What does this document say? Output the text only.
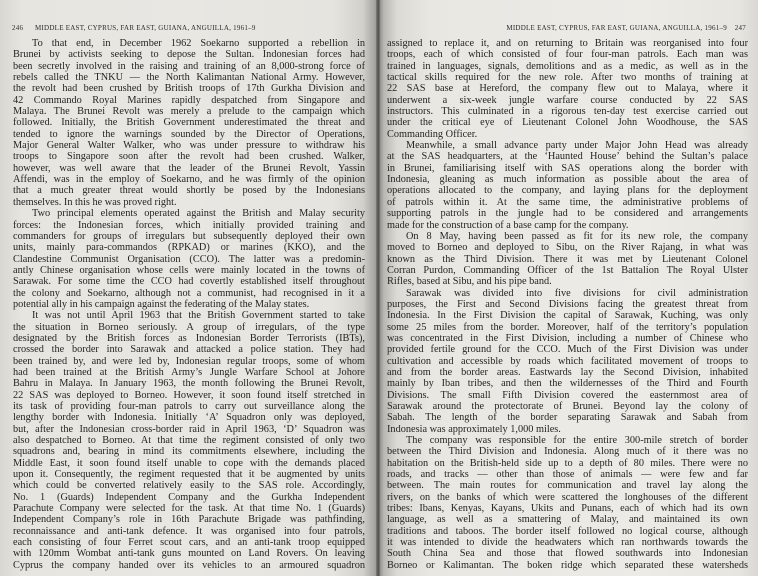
246 MIDDLE EAST, CYPRUS, FAR EAST, GUIANA, ANGUILLA, 1961–9
To that end, in December 1962 Soekarno supported a rebellion in
Brunei by activists seeking to depose the Sultan. Indonesian forces had
been secretly involved in the raising and training of an 8,000-strong force of
rebels called the TNKU — the North Kalimantan National Army. However,
the revolt had been crushed by British troops of 17th Gurkha Division and
42 Commando Royal Marines rapidly despatched from Singapore and
Malaya. The Brunei Revolt was merely a prelude to the campaign which
followed. Initially, the British Government underestimated the threat and
tended to ignore the warnings sounded by the Director of Operations,
Major General Walter Walker, who was under pressure to withdraw his
troops to Singapore soon after the revolt had been crushed. Walker,
however, was well aware that the leader of the Brunei Revolt, Yassin
Affendi, was in the employ of Soekarno, and he was firmly of the opinion
that a much greater threat would shortly be posed by the Indonesians
themselves. In this he was proved right.
Two principal elements operated against the British and Malay security
forces: the Indonesian forces, which initially provided training and
commanders for groups of irregulars but subsequently deployed their own
units, mainly para-commandos (RPKAD) or marines (KKO), and the
Clandestine Communist Organisation (CCO). The latter was a predomin-
antly Chinese organisation whose cells were mainly located in the towns of
Sarawak. For some time the CCO had covertly established itself throughout
the colony and Soekarno, although not a communist, had recognised in it a
potential ally in his campaign against the federating of the Malay states.
It was not until April 1963 that the British Government started to take
the situation in Borneo seriously. A group of irregulars, of the type
designated by the British forces as Indonesian Border Terrorists (IBTs),
crossed the border into Sarawak and attacked a police station. They had
been trained by, and were led by, Indonesian regular troops, some of whom
had been trained at the British Army’s Jungle Warfare School at Johore
Bahru in Malaya. In January 1963, the month following the Brunei Revolt,
22 SAS was deployed to Borneo. However, it soon found itself stretched in
its task of providing four-man patrols to carry out surveillance along the
lengthy border with Indonesia. Initially ‘A’ Squadron only was deployed,
but, after the Indonesian cross-border raid in April 1963, ‘D’ Squadron was
also despatched to Borneo. At that time the regiment consisted of only two
squadrons and, bearing in mind its commitments elsewhere, including the
Middle East, it soon found itself unable to cope with the demands placed
upon it. Consequently, the regiment requested that it be augmented by units
which could be converted relatively easily to the SAS role. Accordingly,
No. 1 (Guards) Independent Company and the Gurkha Independent
Parachute Company were selected for the task. At that time No. 1 (Guards)
Independent Company’s role in 16th Parachute Brigade was pathfinding,
reconnaissance and anti-tank defence. It was organised into four patrols,
each consisting of four Ferret scout cars, and an anti-tank troop equipped
with 120mm Wombat anti-tank guns mounted on Land Rovers. On leaving
Cyprus the company handed over its vehicles to an armoured squadron
MIDDLE EAST, CYPRUS, FAR EAST, GUIANA, ANGUILLA, 1961–9 247
assigned to replace it, and on returning to Britain was reorganised into four
troops, each of which consisted of four four-man patrols. Each man was
trained in languages, signals, demolitions and as a medic, as well as in the
tactical skills required for the new role. After two months of training at
22 SAS base at Hereford, the company flew out to Malaya, where it
underwent a six-week jungle warfare course conducted by 22 SAS
instructors. This culminated in a rigorous ten-day test exercise carried out
under the critical eye of Lieutenant Colonel John Woodhouse, the SAS
Commanding Officer.
Meanwhile, a small advance party under Major John Head was already
at the SAS headquarters, at the ‘Haunted House’ behind the Sultan’s palace
in Brunei, familiarising itself with SAS operations along the border with
Indonesia, gleaning as much information as possible about the area of
operations allocated to the company, and laying plans for the deployment
of patrols within it. At the same time, the administrative problems of
supporting patrols in the jungle had to be considered and arrangements
made for the construction of a base camp for the company.
On 8 May, having been passed as fit for its new role, the company
moved to Borneo and deployed to Sibu, on the River Rajang, in what was
known as the Third Division. There it was met by Lieutenant Colonel
Corran Purdon, Commanding Officer of the 1st Battalion The Royal Ulster
Rifles, based at Sibu, and his pipe band.
Sarawak was divided into five divisions for civil administration
purposes, the First and Second Divisions facing the greatest threat from
Indonesia. In the First Division the capital of Sarawak, Kuching, was only
some 25 miles from the border. Moreover, half of the territory’s population
was concentrated in the First Division, including a number of Chinese who
provided fertile ground for the CCO. Much of the First Division was under
cultivation and accessible by roads which facilitated movement of troops to
and from the border areas. Eastwards lay the Second Division, inhabited
mainly by Iban tribes, and then the wildernesses of the Third and Fourth
Divisions. The small Fifth Division covered the easternmost area of
Sarawak around the protectorate of Brunei. Beyond lay the colony of
Sabah. The length of the border separating Sarawak and Sabah from
Indonesia was approximately 1,000 miles.
The company was responsible for the entire 300-mile stretch of border
between the Third Division and Indonesia. Along much of it there was no
habitation on the British-held side up to a depth of 80 miles. There were no
roads, and tracks — other than those of animals — were few and far
between. The main routes for communication and travel lay along the
rivers, on the banks of which were scattered the longhouses of the different
tribes: Ibans, Kenyas, Kayans, Ukits and Punans, each of which had its own
language, as well as a smattering of Malay, and maintained its own
traditions and taboos. The border itself followed no logical course, although
it was intended to divide the headwaters which ran northwards towards the
South China Sea and those that flowed southwards into Indonesian
Borneo or Kalimantan. The boken ridge which separated these watersheds
